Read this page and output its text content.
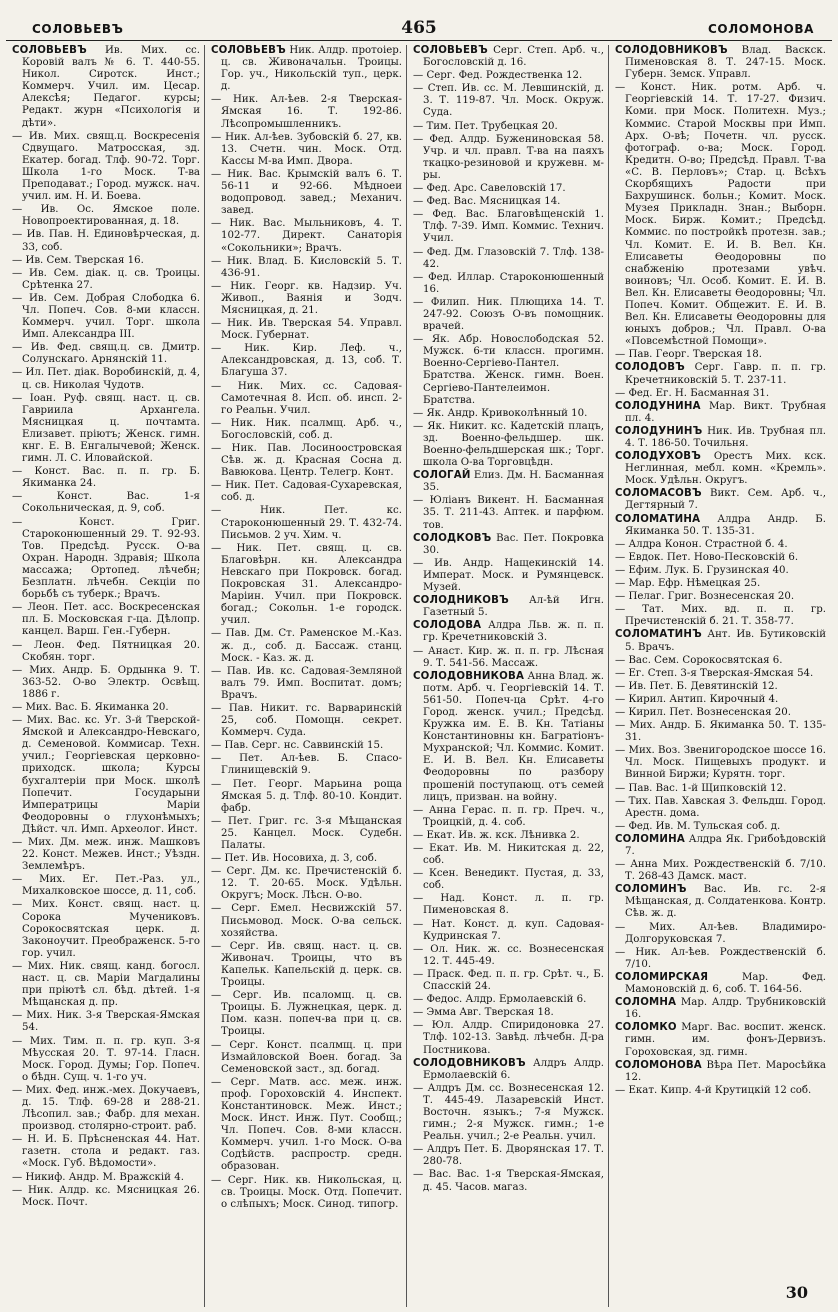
СОЛОВЬЕВЪ	465	СОЛОМОНОВА
СОЛОВЬЕВЪ Ив. Мих. сс. Коровiй валъ № 6. Т. 440-55. Никол. Сиротск. Инст.; Коммерч. Учил. им. Цесар. Алексѣя; Педагог. курсы; Редакт. журн «Психологiя и дѣти».
— Ив. Мих. свящ.ц. Воскресенiя Сдвущаго. Матросская, зд. Екатер. богад. Тлф. 90-72. Торг. Школа 1-го Моск. Т-ва Преподават.; Город. мужск. нач. учил. им. Н. И. Боева.
— Ив. Ос. Ямское поле. Новопроектированная, д. 18.
— Ив. Пав. Н. Единовѣрческая, д. 33, соб.
— Ив. Сем. Тверская 16.
— Ив. Сем. дiак. ц. св. Троицы. Срѣтенка 27.
— Ив. Сем. Добрая Слободка 6. Чл. Попеч. Сов. 8-ми классн. Коммерч. учил. Торг. школа Имп. Александра III.
— Ив. Фед. свящ.ц. св. Дмитр. Солунскаго. Арнянскiй 11.
— Ил. Пет. дiак. Воробинскiй, д. 4, ц. св. Николая Чудотв.
— Iоан. Руф. свящ. наст. ц. св. Гавриила Архангела. Мясницкая ц. почтамта. Елизавет. прiютъ; Женск. гимн. кнг. Е. В. Енгалычевой; Женск. гимн. Л. С. Иловайской.
— Конст. Вас. п. п. гр. Б. Якиманка 24.
— Конст. Вас. 1-я Сокольническая, д. 9, соб.
— Конст. Григ. Староконюшенный 29. Т. 92-93. Тов. Предсѣд. Русск. О-ва Охран. Народн. Здравiя; Школа массажа; Ортопед. лѣчебн; Безплатн. лѣчебн. Секцiи по борьбѣ съ туберк.; Врачъ.
— Леон. Пет. асс. Воскресенская пл. Б. Московская г-ца. Дѣлопр. канцел. Варш. Ген.-Губерн.
— Леон. Фед. Пятницкая 20. Скобян. торг.
— Мих. Андр. Б. Ордынка 9. Т. 363-52. О-во Электр. Освѣщ. 1886 г.
— Мих. Вас. Б. Якиманка 20.
— Мих. Вас. кс. Уг. 3-й Тверской-Ямской и Александро-Невскаго, д. Семеновой. Коммисар. Техн. учил.; Георгiевская церковно-приходск. школа; Курсы бухгалтерiи при Моск. школѣ Попечит. Государыни Императрицы Марiи Феодоровны о глухонѣмыхъ; Дѣйст. чл. Имп. Археолог. Инст.
— Мих. Дм. меж. инж. Машковъ 22. Конст. Межев. Инст.; Уѣздн. Землемѣръ.
— Мих. Ег. Пет.-Раз. ул., Михалковское шоссе, д. 11, соб.
— Мих. Конст. свящ. наст. ц. Сорока Мучениковъ. Сорокосвятская церк. д. Законоучит. Преображенск. 5-го гор. учил.
— Мих. Ник. свящ. канд. богосл. наст. ц. св. Марiи Магдалины при прiютѣ сл. бѣд. дѣтей. 1-я Мѣщанская д. пр.
— Мих. Ник. 3-я Тверская-Ямская 54.
— Мих. Тим. п. п. гр. куп. 3-я Мѣусская 20. Т. 97-14. Гласн. Моск. Город. Думы; Гор. Попеч. о бѣдн. Сущ. ч. 1-го уч.
— Мих. Фед. инж.-мех. Докучаевъ, д. 15. Тлф. 69-28 и 288-21. Лѣсопил. зав.; Фабр. для механ. производ. столярно-строит. раб.
— Н. И. Б. Прѣсненская 44. Нат. газетн. стола и редакт. газ. «Моск. Губ. Вѣдомости».
— Никиф. Андр. М. Вражскiй 4.
— Ник. Алдр. кс. Мясницкая 26. Моск. Почт.
СОЛОВЬЕВЪ Ник. Алдр. протоiер. ц. св. Живоначальн. Троицы. Гор. уч., Никольскiй туп., церк. д.
— Ник. Ал-ѣев. 2-я Тверская-Ямская 16. Т. 192-86. Лѣсопромышленникъ.
— Ник. Ал-ѣев. Зубовскiй б. 27, кв. 13. Счетн. чин. Моск. Отд. Кассы М-ва Имп. Двора.
— Ник. Вас. Крымскiй валъ 6. Т. 56-11 и 92-66. Мѣдноеи водопровод. завед.; Механич. завед.
— Ник. Вас. Мыльниковъ, 4. Т. 102-77. Директ. Санаторiя «Сокольники»; Врачъ.
— Ник. Влад. Б. Кисловскiй 5. Т. 436-91.
— Ник. Георг. кв. Надзир. Уч. Живоп., Ваянiя и Зодч. Мясницкая, д. 21.
— Ник. Ив. Тверская 54. Управл. Моск. Губернат.
— Ник. Кир. Леф. ч., Александровская, д. 13, соб. Т. Благуша 37.
— Ник. Мих. сс. Садовая-Самотечная 8. Исп. об. инсп. 2-го Реальн. Учил.
— Ник. Ник. псалмщ. Арб. ч., Богословскiй, соб. д.
— Ник. Пав. Лосиноостровская Сѣв. ж. д. Красная Сосна д. Вавюкова. Центр. Телегр. Конт.
— Ник. Пет. Садовая-Сухаревская, соб. д.
— Ник. Пет. кс. Староконюшенный 29. Т. 432-74. Письмов. 2 уч. Хим. ч.
— Ник. Пет. свящ. ц. св. Благовѣрн. кн. Александра Невскаго при Покровск. богад. Покровская 31. Александро-Марiин. Учил. при Покровск. богад.; Сокольн. 1-е городск. учил.
— Пав. Дм. Ст. Раменское М.-Каз. ж. д., соб. д. Басcаж. станц. Моск. - Каз. ж. д.
— Пав. Ив. кс. Садовая-Земляной валъ 79. Имп. Воспитат. домъ; Врачъ.
— Пав. Никит. гс. Варваринскiй 25, соб. Помощн. секрет. Коммерч. Суда.
— Пав. Серг. нс. Саввинскiй 15.
— Пет. Ал-ѣев. Б. Спасо-Глинищевскiй 9.
— Пет. Георг. Марьина роща Ямская 5. д. Тлф. 80-10. Кондит. фабр.
— Пет. Григ. гс. 3-я Мѣщанская 25. Канцел. Моск. Судебн. Палаты.
— Пет. Ив. Носовиха, д. 3, соб.
— Серг. Дм. кс. Пречистенскiй б. 12. Т. 20-65. Моск. Удѣльн. Округъ; Моск. Лѣсн. О-во.
— Серг. Емел. Несвижскiй 57. Письмовод. Моск. О-ва сельск. хозяйства.
— Серг. Ив. свящ. наст. ц. св. Живонач. Троицы, что въ Капельк. Капельскiй д. церк. св. Троицы.
— Серг. Ив. псаломщ. ц. св. Троицы. Б. Лужнецкая, церк. д. Пом. казн. попеч-ва при ц. св. Троицы.
— Серг. Конст. псалмщ. ц. при Измайловской Воен. богад. За Семеновской заст., зд. богад.
— Серг. Матв. асс. меж. инж. проф. Гороховскiй 4. Инспект. Константиновск. Меж. Инст.; Моск. Инст. Инж. Пут. Сообщ.; Чл. Попеч. Сов. 8-ми классн. Коммерч. учил. 1-го Моск. О-ва Содѣйств. распростр. средн. образован.
— Серг. Ник. кв. Никольская, ц. св. Троицы. Моск. Отд. Попечит. о слѣпыхъ; Моск. Синод. типогр.
СОЛОВЬЕВЪ Серг. Степ. Арб. ч., Богословскiй д. 16.
— Серг. Фед. Рождественка 12.
— Степ. Ив. сс. М. Левшинскiй, д. 3. Т. 119-87. Чл. Моск. Окруж. Суда.
— Тим. Пет. Трубецкая 20.
— Фед. Алдр. Бужениновская 58. Учр. и чл. правл. Т-ва на паяхъ ткацко-резиновой и кружевн. м-ры.
— Фед. Арс. Савеловскiй 17.
— Фед. Вас. Мясницкая 14.
— Фед. Вас. Благовѣщенскiй 1. Тлф. 7-39. Имп. Коммис. Технич. Учил.
— Фед. Дм. Глазовскiй 7. Тлф. 138-42.
— Фед. Иллар. Староконюшенный 16.
— Филип. Ник. Плющиха 14. Т. 247-92. Союзъ О-въ помощник. врачей.
— Як. Абр. Новослободская 52. Мужск. 6-ти классн. прогимн. Военно-Сергiево-Пантел. Братства. Женск. гимн. Воен. Сергiево-Пантелеимон. Братства.
— Як. Андр. Кривоколѣнный 10.
— Як. Никит. кс. Кадетскiй плацъ, зд. Военно-фельдшер. шк. Военно-фельдшерская шк.; Торг. школа О-ва Торговцѣдн.
СОЛОГАЙ Елиз. Дм. Н. Басманная 35.
— Юлiанъ Викент. Н. Басманная 35. Т. 211-43. Аптек. и парфюм. тов.
СОЛОДКОВЪ Вас. Пет. Покровка 30.
— Ив. Андр. Нащекинскiй 14. Императ. Моск. и Румянцевск. Музей.
СОЛОДНИКОВЪ Ал-ѣй Игн. Газетный 5.
СОЛОДОВА Алдра Льв. ж. п. п. гр. Кречетниковскiй 3.
— Анаст. Кир. ж. п. п. гр. Лѣсная 9. Т. 541-56. Массаж.
СОЛОДОВНИКОВА Анна Влад. ж. потм. Арб. ч. Георгiевскiй 14. Т. 561-50. Попеч-ца Срѣт. 4-го Город. женск. учил.; Предсѣд. Кружка им. Е. В. Кн. Татiаны Константиновны кн. Багратiонъ-Мухранской; Чл. Коммис. Комит. Е. И. В. Вел. Кн. Елисаветы Феодоровны по разбору прошенiй поступающ. отъ семей лицъ, призван. на войну.
— Анна Герас. п. п. гр. Преч. ч., Троицкiй, д. 4. соб.
— Екат. Ив. ж. кск. Лѣнивка 2.
— Екат. Ив. М. Никитская д. 22, соб.
— Ксен. Венедикт. Пустая, д. 33, соб.
— Над. Конст. л. п. гр. Пименовская 8.
— Нат. Конст. д. куп. Садовая-Кудринская 7.
— Ол. Ник. ж. сс. Вознесенская 12. Т. 445-49.
— Праск. Фед. п. п. гр. Срѣт. ч., Б. Спасскiй 24.
— Федос. Алдр. Ермолаевскiй 6.
— Эмма Авг. Тверская 18.
— Юл. Алдр. Спиридоновка 27. Тлф. 102-13. Завѣд. лѣчебн. Д-ра Постникова.
СОЛОДОВНИКОВЪ Алдръ Алдр. Ермолаевскiй 6.
— Алдръ Дм. сс. Вознесенская 12. Т. 445-49. Лазаревскiй Инст. Восточн. языкъ.; 7-я Мужск. гимн.; 2-я Мужск. гимн.; 1-е Реальн. учил.; 2-е Реальн. учил.
— Алдръ Пет. Б. Дворянская 17. Т. 280-78.
— Вас. Вас. 1-я Тверская-Ямская, д. 45. Часов. магаз.
СОЛОДОВНИКОВЪ Влад. Васкск. Пименовская 8. Т. 247-15. Моск. Губерн. Земск. Управл.
— Конст. Ник. ротм. Арб. ч. Георгiевскiй 14. Т. 17-27. Физич. Коми. при Моск. Политехн. Муз.; Коммис. Старой Москвы при Имп. Арх. О-вѣ; Почетн. чл. русск. фотограф. о-ва; Моск. Город. Кредитн. О-во; Предсѣд. Правл. Т-ва «С. В. Перловъ»; Стар. ц. Всѣхъ Скорбящихъ Радости при Бахрушинск. больн.; Комит. Моск. Музея Прикладн. Знан.; Выборн. Моск. Бирж. Комит.; Предсѣд. Коммис. по постройкѣ протезн. зав.; Чл. Комит. Е. И. В. Вел. Кн. Елисаветы Өеодоровны по снабженiю протезами увѣч. воиновъ; Чл. Особ. Комит. Е. И. В. Вел. Кн. Елисаветы Өеодоровны; Чл. Попеч. Комит. Общежит. Е. И. В. Вел. Кн. Елисаветы Өеодоровны для юныхъ добров.; Чл. Правл. О-ва «Повсемѣстной Помощи».
— Пав. Георг. Тверская 18.
СОЛОДОВЪ Серг. Гавр. п. п. гр. Кречетниковскiй 5. Т. 237-11.
— Фед. Ег. Н. Басманная 31.
СОЛОДУНИНА Мар. Викт. Трубная пл. 4.
СОЛОДУНИНЪ Ник. Ив. Трубная пл. 4. Т. 186-50. Точильня.
СОЛОДУХОВЪ Орестъ Мих. кск. Неглинная, мебл. комн. «Кремль». Моск. Удѣльн. Округъ.
СОЛОМАСОВЪ Викт. Сем. Арб. ч., Дегтярный 7.
СОЛОМАТИНА Алдра Андр. Б. Якиманка 50. Т. 135-31.
— Алдра Конон. Страстной б. 4.
— Евдок. Пет. Ново-Песковскiй 6.
— Ефим. Лук. Б. Грузинская 40.
— Мар. Ефр. Нѣмецкая 25.
— Пелаг. Григ. Вознесенская 20.
— Тат. Мих. вд. п. п. гр. Пречистенскiй б. 21. Т. 358-77.
СОЛОМАТИНЪ Ант. Ив. Бутиковскiй 5. Врачъ.
— Вас. Сем. Сорокосвятская 6.
— Ег. Степ. 3-я Тверская-Ямская 54.
— Ив. Пет. Б. Девятинскiй 12.
— Кирил. Антип. Кирочный 4.
— Кирил. Пет. Вознесенская 20.
— Мих. Андр. Б. Якиманка 50. Т. 135-31.
— Мих. Воз. Звенигородское шоссе 16. Чл. Моск. Пищевыхъ продукт. и Винной Биржи; Курятн. торг.
— Пав. Вас. 1-й Щипковскiй 12.
— Тих. Пав. Хавская 3. Фельдш. Город. Арестн. дома.
— Фед. Ив. М. Тульская соб. д.
СОЛОМИНА Алдра Як. Грибоѣдовскiй 7.
— Анна Мих. Рождественскiй б. 7/10. Т. 268-43 Дамск. маст.
СОЛОМИНЪ Вас. Ив. гс. 2-я Мѣщанская, д. Солдатенкова. Контр. Сѣв. ж. д.
— Мих. Ал-ѣев. Владимиро-Долгоруковская 7.
— Ник. Ал-ѣев. Рождественскiй б. 7/10.
СОЛОМИРСКАЯ	Мар. Фед. Мамоновскiй д. 6, соб. Т. 164-56.
СОЛОМНА Мар. Алдр. Трубниковскiй 16.
СОЛОМКО Марг. Вас. воспит. женск. гимн. им. фонъ-Дервизъ. Гороховская, зд. гимн.
СОЛОМОНОВА Вѣра Пет. Маросѣйка 12.
— Екат. Кипр. 4-й Крутицкiй 12 соб.
30
